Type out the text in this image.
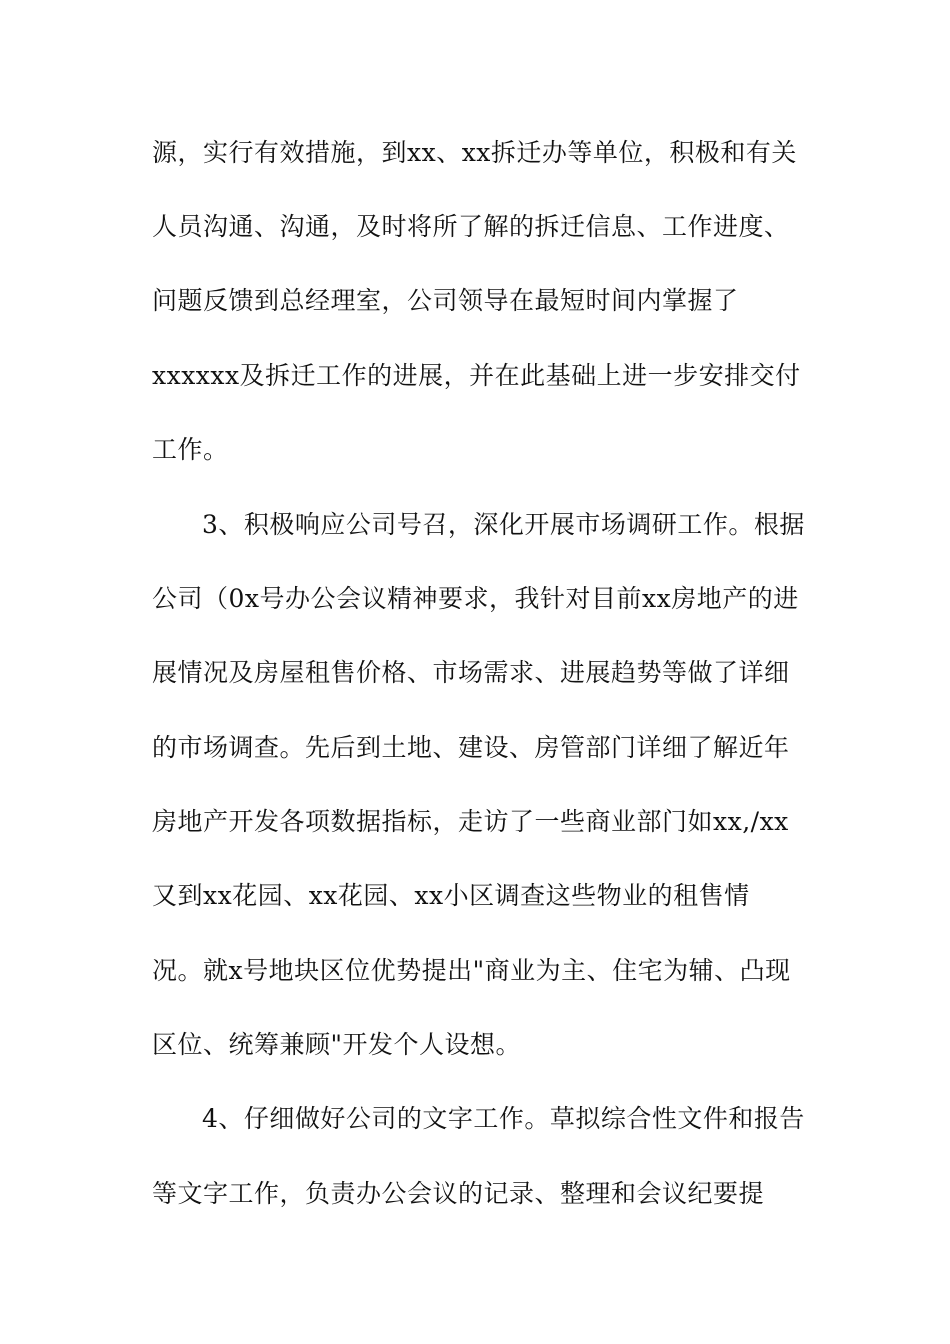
源，实行有效措施，到xx、xx拆迁办等单位，积极和有关
人员沟通、沟通，及时将所了解的拆迁信息、工作进度、
问题反馈到总经理室，公司领导在最短时间内掌握了
xxxxxx及拆迁工作的进展，并在此基础上进一步安排交付
工作。
3、积极响应公司号召，深化开展市场调研工作。根据
公司（0x号办公会议精神要求，我针对目前xx房地产的进
展情况及房屋租售价格、市场需求、进展趋势等做了详细
的市场调查。先后到土地、建设、房管部门详细了解近年
房地产开发各项数据指标，走访了一些商业部门如xx,/xx
又到xx花园、xx花园、xx小区调查这些物业的租售情
况。就x号地块区位优势提出"商业为主、住宅为辅、凸现
区位、统筹兼顾"开发个人设想。
4、仔细做好公司的文字工作。草拟综合性文件和报告
等文字工作，负责办公会议的记录、整理和会议纪要提
